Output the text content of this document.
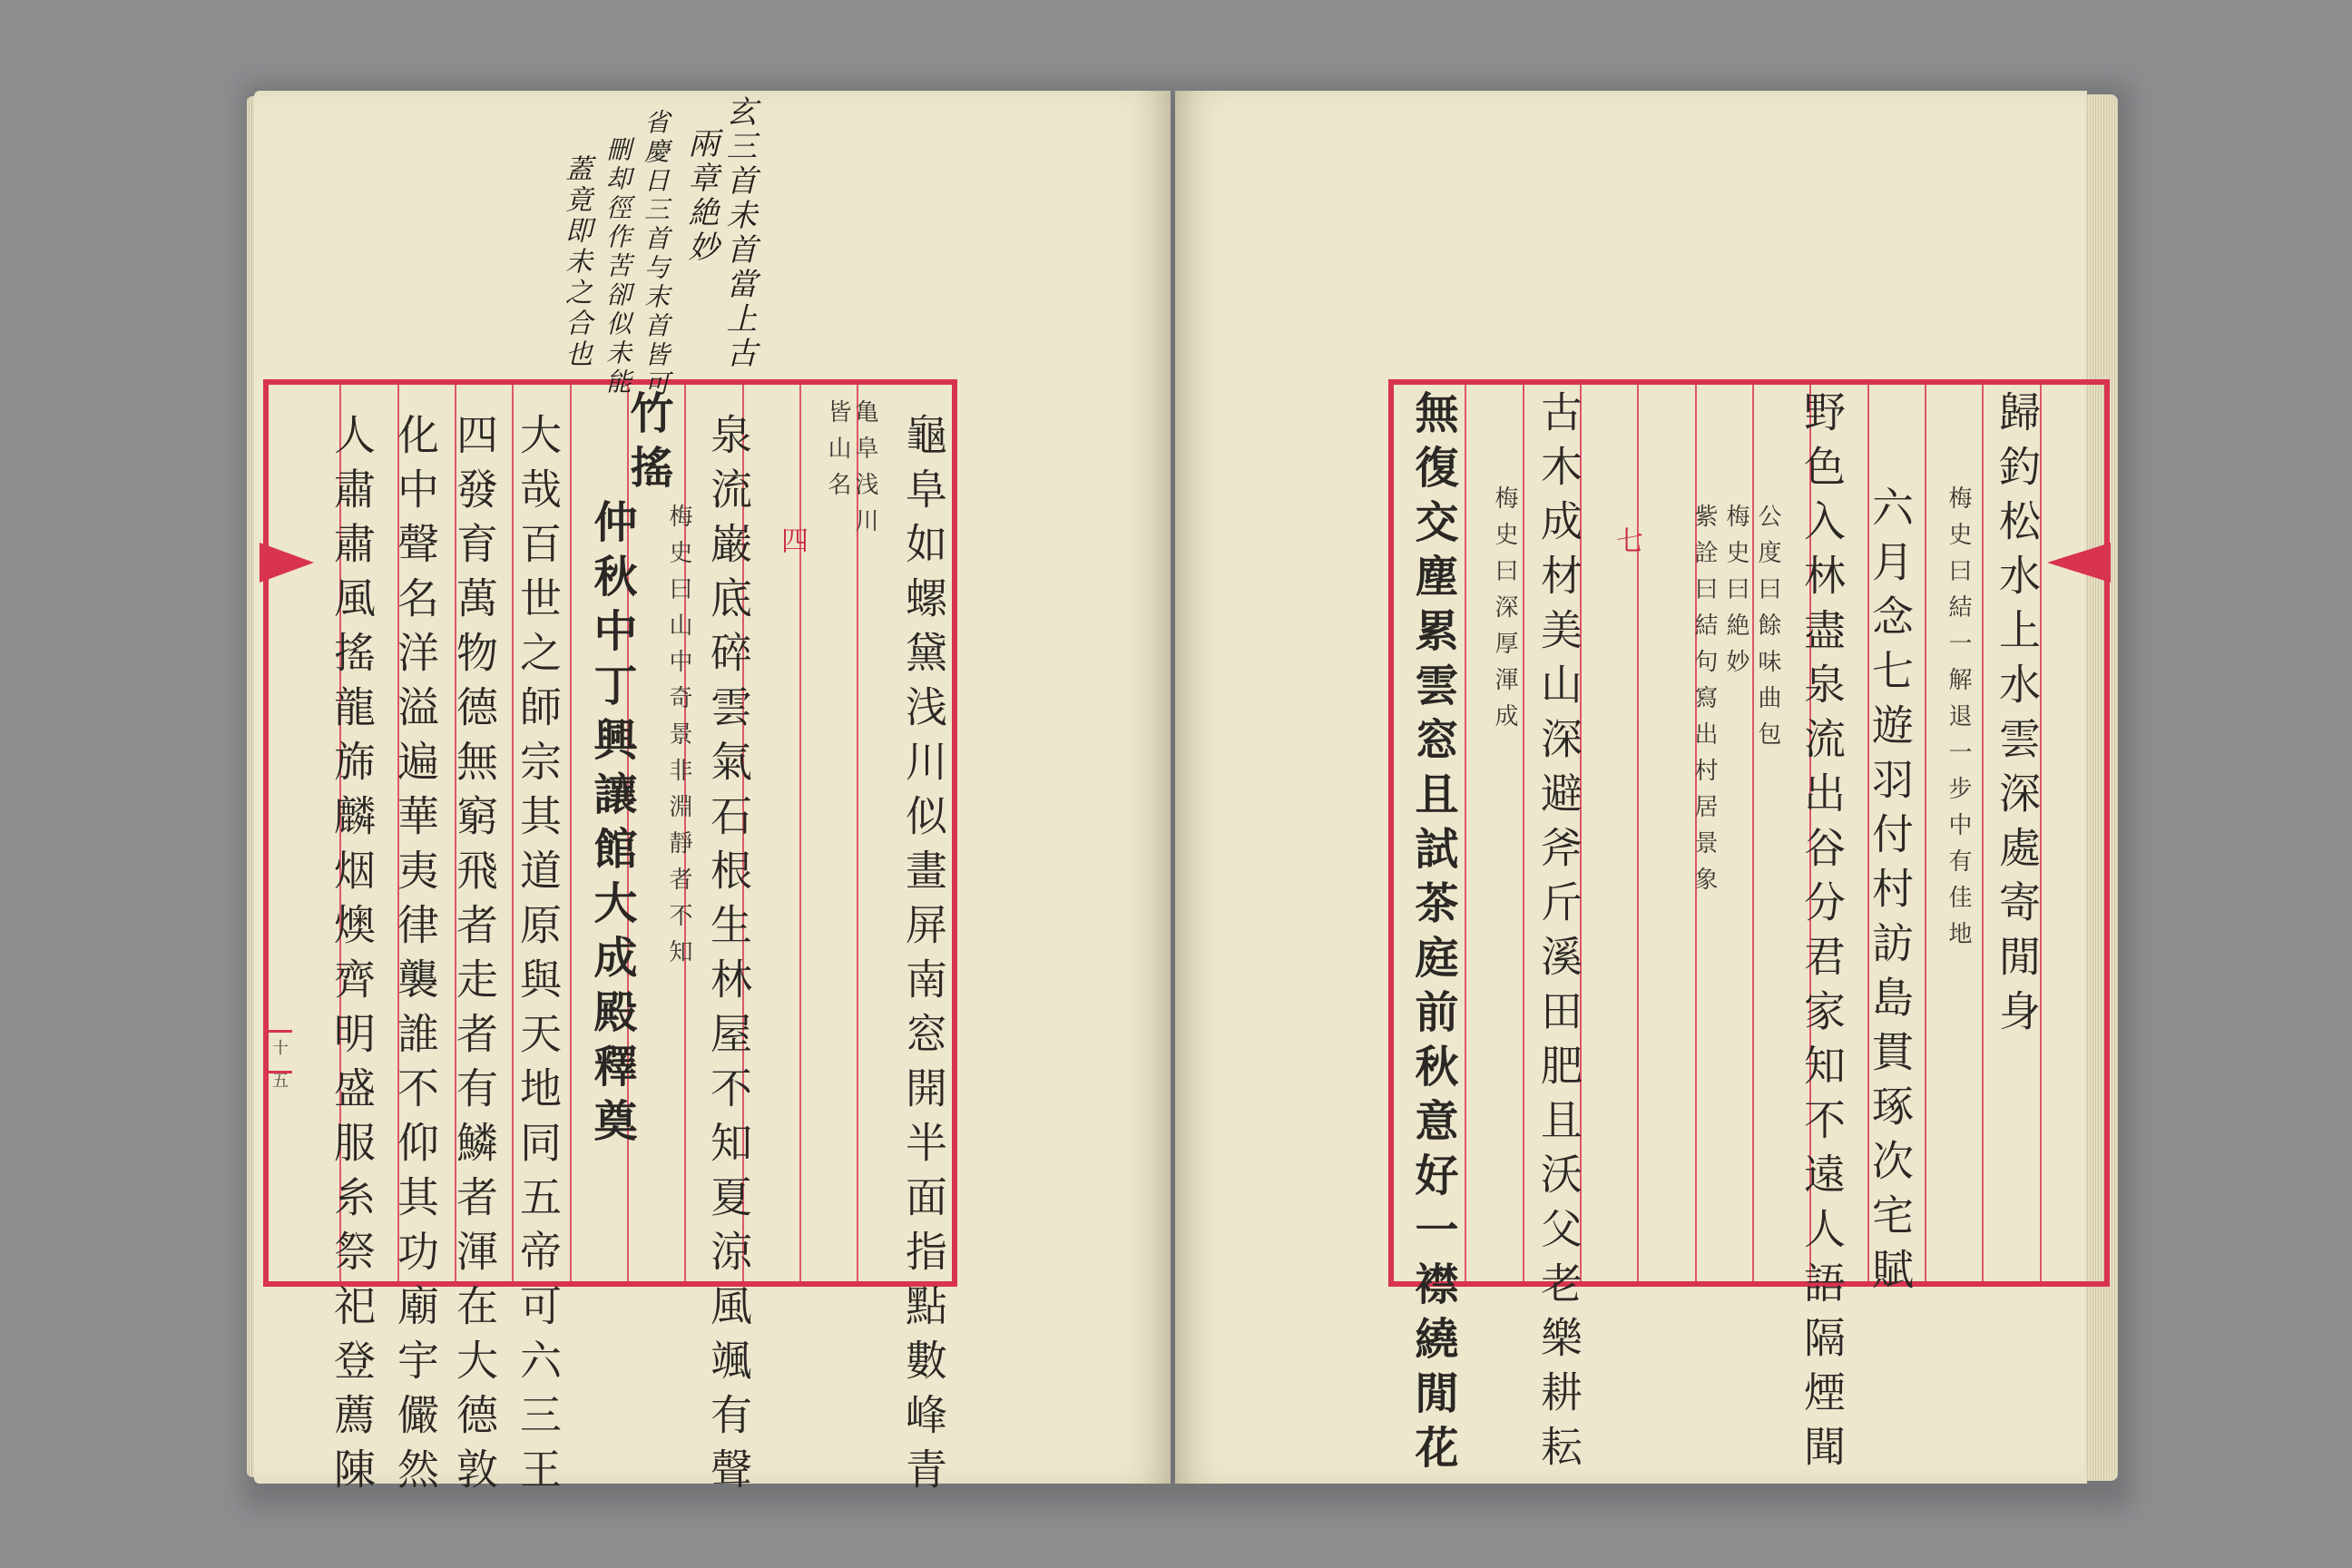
十五
玄三首未首當上古
兩章絶妙
省慶日三首与末首皆可
刪却徑作苦卻似未能
蓋竟即未之合也
龜阜如螺黛浅川似畫屏南窓開半面指點數峰青
亀阜浅川
皆山名
四
泉流巌底碎雲氣石根生林屋不知夏涼風颯有聲
梅史曰山中奇景非淵靜者不知
竹搖
仲秋中丁興讓館大成殿釋奠
大哉百世之師宗其道原與天地同五帝可六三王
四發育萬物德無窮飛者走者有鱗者渾在大德敦
化中聲名洋溢遍華夷律襲誰不仰其功廟宇儼然
人肅肅風搖龍旆麟烟燠齊明盛服糸祭祀登薦陳	歸釣松水上水雲深處寄閒身
梅史曰結一解退一步中有佳地
六月念七遊羽付村訪島貫琢次宅賦
野色入林盡泉流出谷分君家知不遠人語隔煙聞
公度曰餘味曲包
梅史曰絶妙
紫詮曰結句寫出村居景象
七
古木成材美山深避斧斤溪田肥且沃父老樂耕耘
梅史曰深厚渾成
無復交塵累雲窓且試茶庭前秋意好一襟繞閒花
